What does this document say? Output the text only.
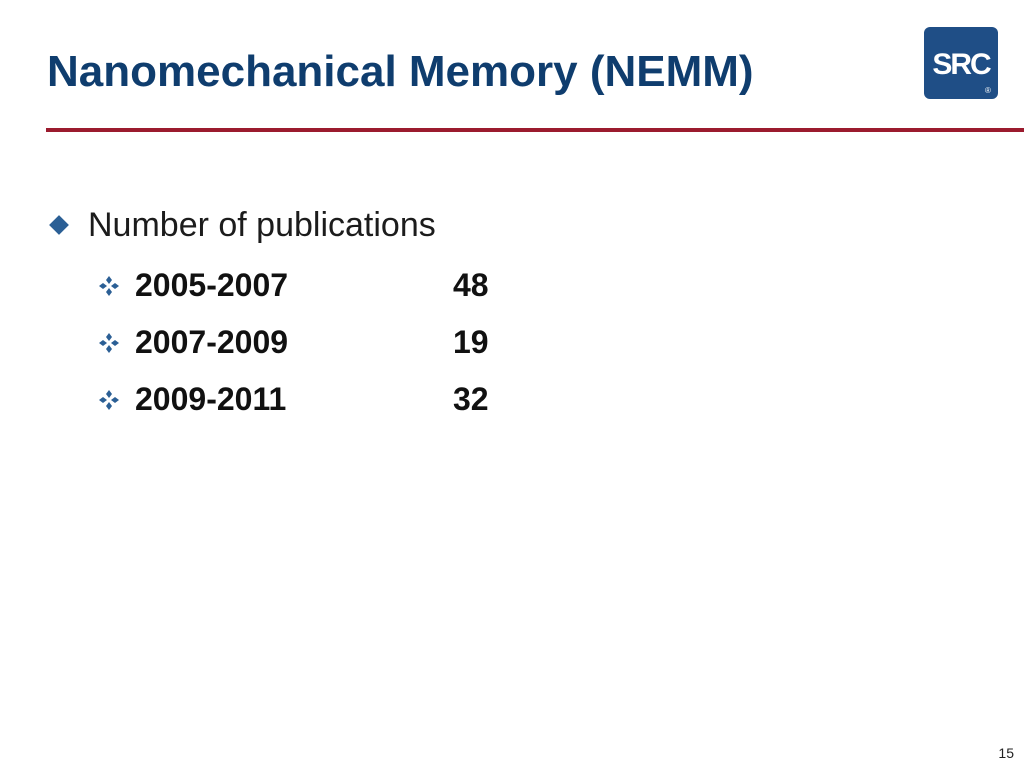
Nanomechanical Memory (NEMM)	SRC
®
Number of publications
2005-2007	48
2007-2009	19
2009-2011	32
15
